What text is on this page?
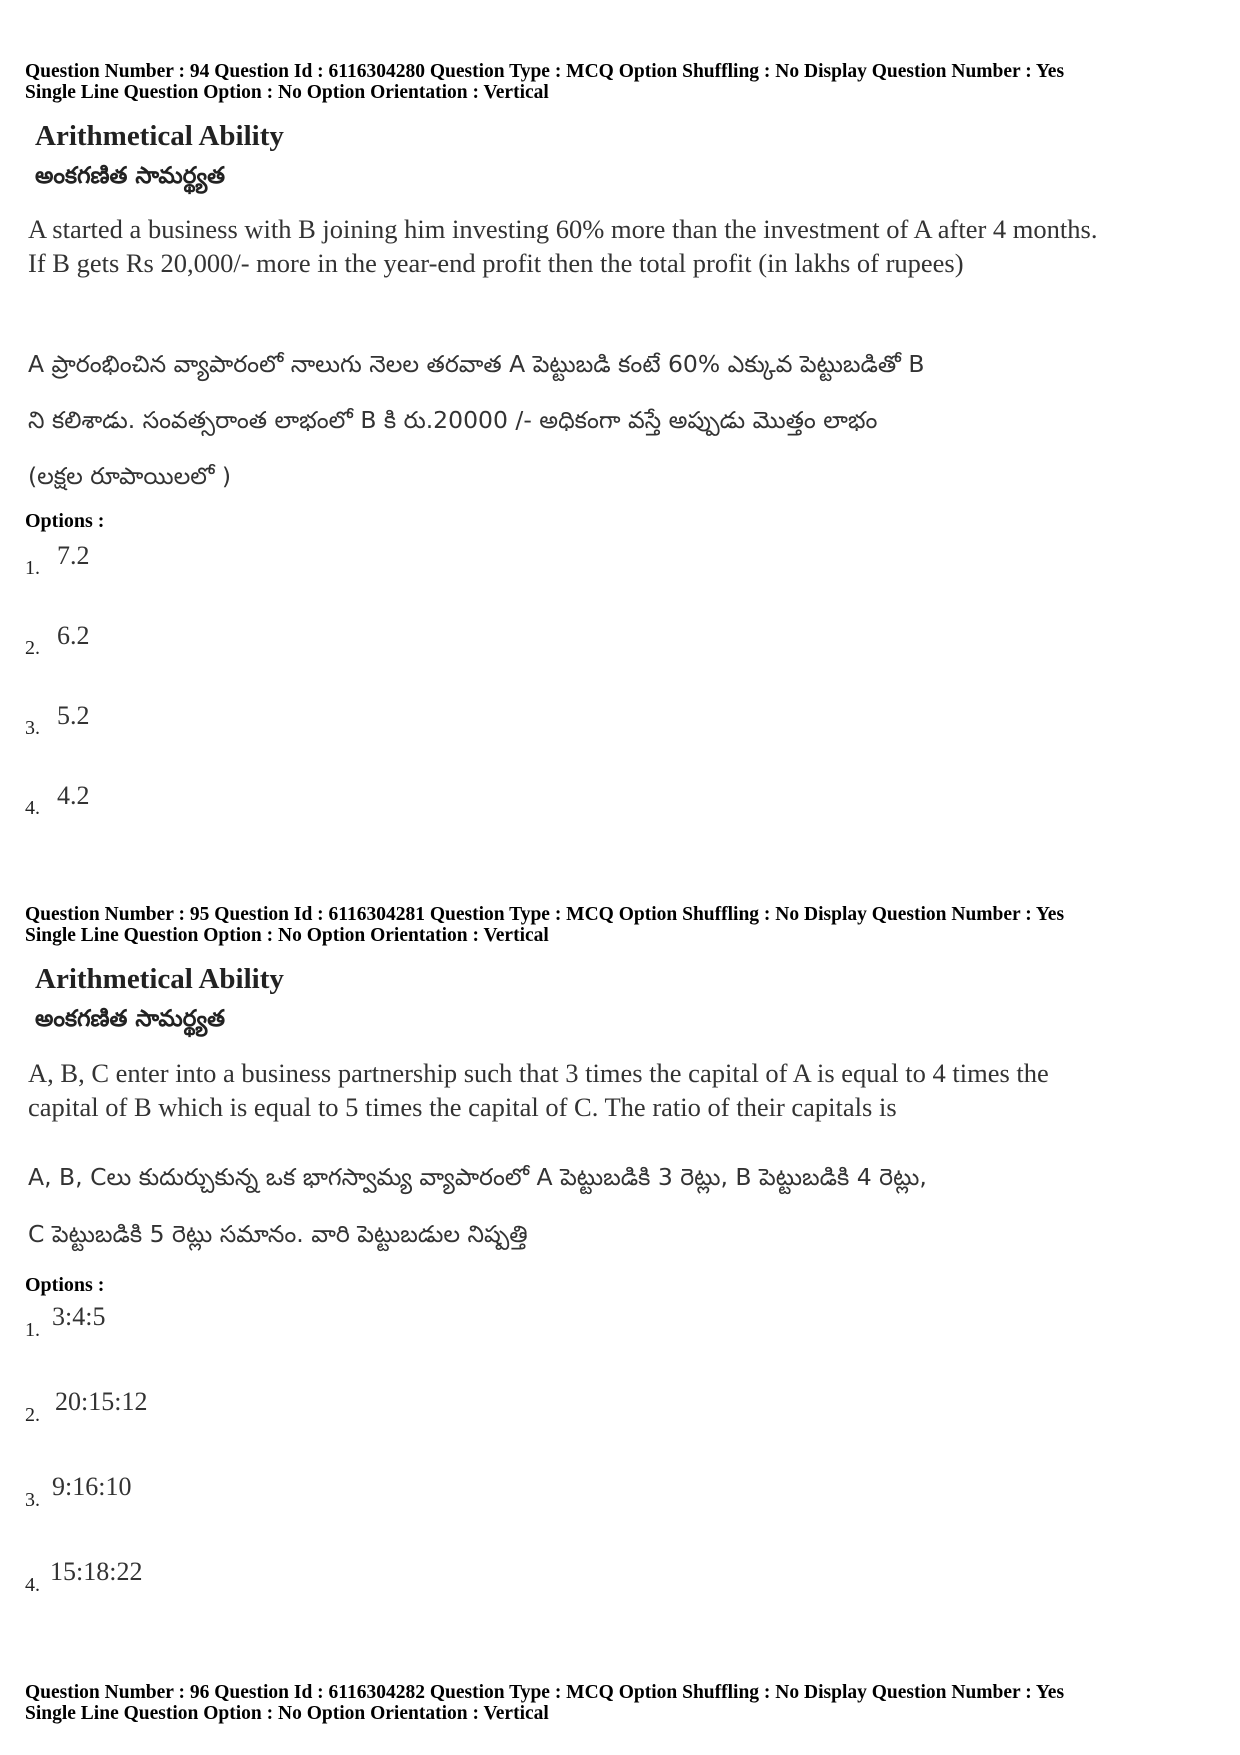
Question Number : 94 Question Id : 6116304280 Question Type : MCQ Option Shuffling : No Display Question Number : Yes
Single Line Question Option : No Option Orientation : Vertical
Arithmetical Ability
అంకగణిత సామర్థ్యత
A started a business with B joining him investing 60% more than the investment of A after 4 months. If B gets Rs 20,000/- more in the year-end profit then the total profit (in lakhs of rupees)
A ప్రారంభించిన వ్యాపారంలో నాలుగు నెలల తరవాత A పెట్టుబడి కంటే 60% ఎక్కువ పెట్టుబడితో B
ని కలిశాడు. సంవత్సరాంత లాభంలో B కి రు.20000 /- అధికంగా వస్తే అప్పుడు మొత్తం లాభం
(లక్షల రూపాయిలలో )
Options :
1. 7.2
2. 6.2
3. 5.2
4. 4.2
Question Number : 95 Question Id : 6116304281 Question Type : MCQ Option Shuffling : No Display Question Number : Yes
Single Line Question Option : No Option Orientation : Vertical
Arithmetical Ability
అంకగణిత సామర్థ్యత
A, B, C enter into a business partnership such that 3 times the capital of A is equal to 4 times the capital of B which is equal to 5 times the capital of C. The ratio of their capitals is
A, B, Cలు కుదుర్చుకున్న ఒక భాగస్వామ్య వ్యాపారంలో A పెట్టుబడికి 3 రెట్లు, B పెట్టుబడికి 4 రెట్లు,
C పెట్టుబడికి 5 రెట్లు సమానం. వారి పెట్టుబడుల నిష్పత్తి
Options :
1. 3:4:5
2. 20:15:12
3. 9:16:10
4. 15:18:22
Question Number : 96 Question Id : 6116304282 Question Type : MCQ Option Shuffling : No Display Question Number : Yes
Single Line Question Option : No Option Orientation : Vertical
